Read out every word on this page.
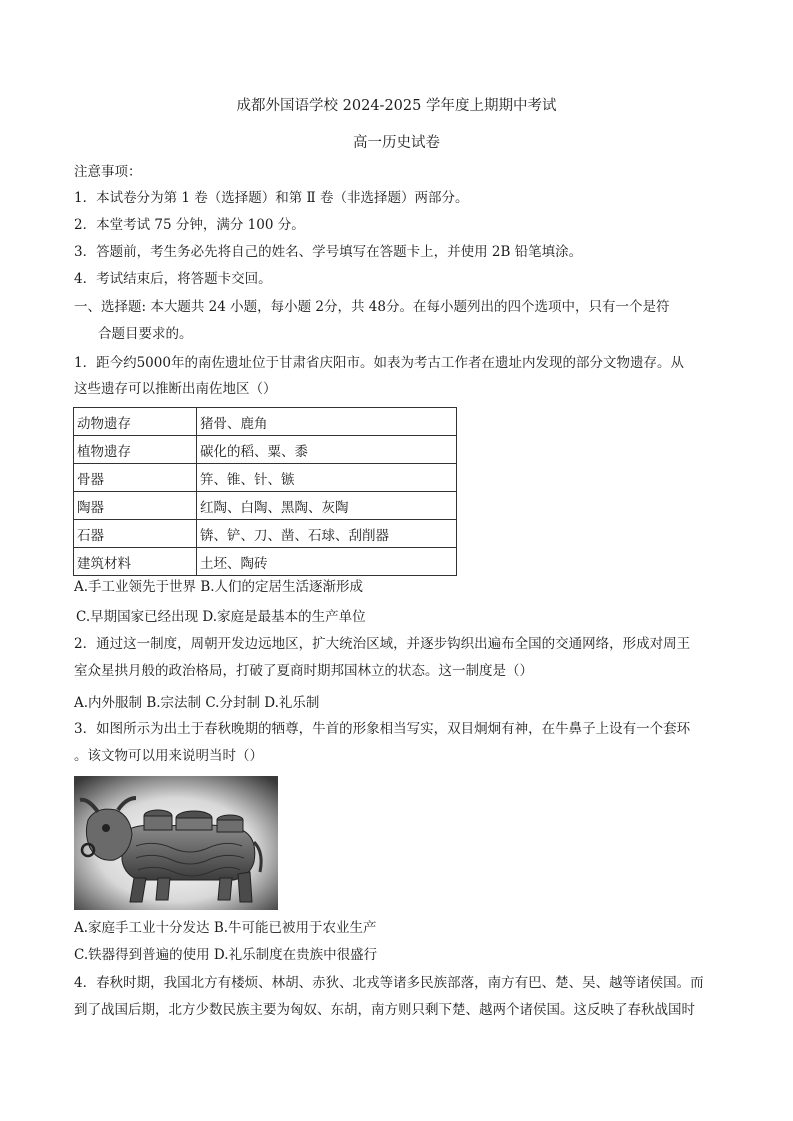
成都外国语学校 2024-2025 学年度上期期中考试
高一历史试卷
注意事项：
1．本试卷分为第 1 卷（选择题）和第 Ⅱ 卷（非选择题）两部分。
2．本堂考试 75 分钟，满分 100 分。
3．答题前，考生务必先将自己的姓名、学号填写在答题卡上，并使用 2B 铅笔填涂。
4．考试结束后，将答题卡交回。
一、选择题: 本大题共 24 小题，每小题 2分，共 48分。在每小题列出的四个选项中，只有一个是符
合题目要求的。
1．距今约5000年的南佐遗址位于甘肃省庆阳市。如表为考古工作者在遗址内发现的部分文物遗存。从
这些遗存可以推断出南佐地区（）
动物遗存	猪骨、鹿角
植物遗存	碳化的稻、粟、黍
骨器	笄、锥、针、镞
陶器	红陶、白陶、黑陶、灰陶
石器	锛、铲、刀、凿、石球、刮削器
建筑材料	土坯、陶砖
A.手工业领先于世界 B.人们的定居生活逐渐形成
C.早期国家已经出现 D.家庭是最基本的生产单位
2．通过这一制度，周朝开发边远地区，扩大统治区域，并逐步钩织出遍布全国的交通网络，形成对周王
室众星拱月般的政治格局，打破了夏商时期邦国林立的状态。这一制度是（）
A.内外服制 B.宗法制 C.分封制 D.礼乐制
3．如图所示为出土于春秋晚期的牺尊，牛首的形象相当写实，双目炯炯有神，在牛鼻子上设有一个套环
。该文物可以用来说明当时（）
A.家庭手工业十分发达 B.牛可能已被用于农业生产
C.铁器得到普遍的使用 D.礼乐制度在贵族中很盛行
4．春秋时期，我国北方有楼烦、林胡、赤狄、北戎等诸多民族部落，南方有巴、楚、吴、越等诸侯国。而
到了战国后期，北方少数民族主要为匈奴、东胡，南方则只剩下楚、越两个诸侯国。这反映了春秋战国时
